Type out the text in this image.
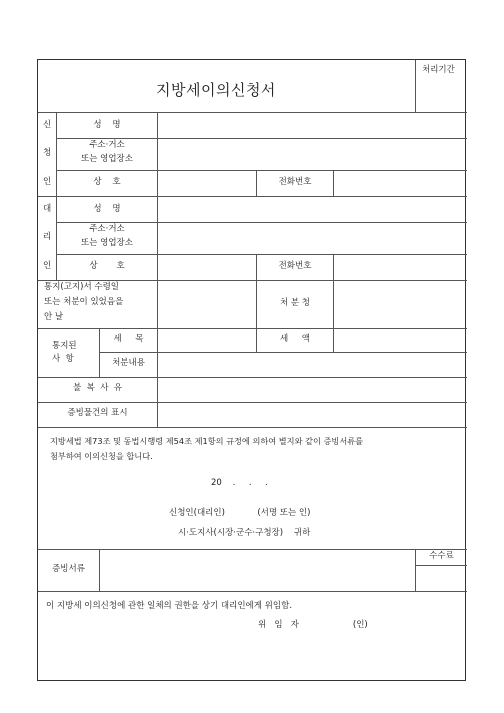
지방세이의신청서
처리기간
신
청
인
성    명
주소·거소
또는 영업장소
상    호	전화번호
대
리
인
성    명
주소·거소
또는 영업장소
상       호	전화번호
통지(고지)서 수령일
또는 처분이 있었음을
안 날
처 분 청
통지된
사  항
세     목	세     액
처분내용
불  복  사  유
증빙물건의 표시
지방세법 제73조 및 동법시행령 제54조 제1항의 규정에 의하여 별지와 같이 증빙서류를
첨부하여 이의신청을 합니다.
20    .     .     .
신청인(대리인)            (서명 또는 인)
시·도지사(시장·군수·구청장)    귀하
증빙서류
수수료
이 지방세 이의신청에 관한 일체의 권한을 상기 대리인에게 위임함.
위   임   자                    (인)
